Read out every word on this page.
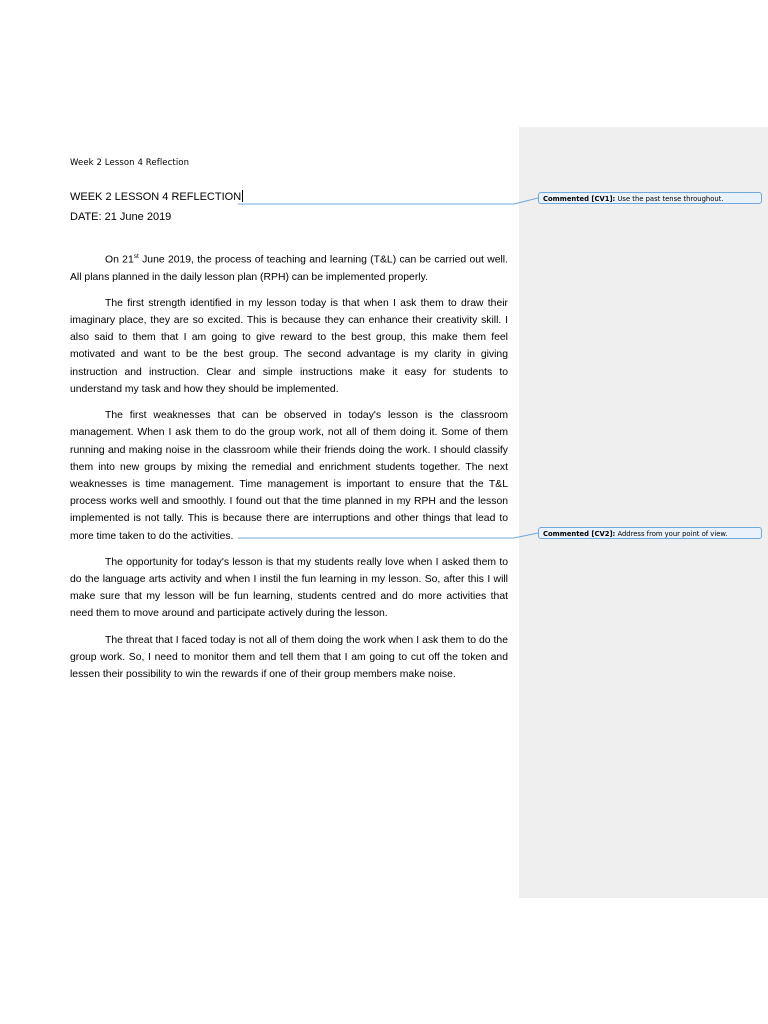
Week 2 Lesson 4 Reflection
WEEK 2 LESSON 4 REFLECTION
DATE: 21 June 2019

On 21st June 2019, the process of teaching and learning (T&L) can be carried out well. All plans planned in the daily lesson plan (RPH) can be implemented properly.

The first strength identified in my lesson today is that when I ask them to draw their imaginary place, they are so excited. This is because they can enhance their creativity skill. I also said to them that I am going to give reward to the best group, this make them feel motivated and want to be the best group. The second advantage is my clarity in giving instruction and instruction. Clear and simple instructions make it easy for students to understand my task and how they should be implemented.

The first weaknesses that can be observed in today's lesson is the classroom management. When I ask them to do the group work, not all of them doing it. Some of them running and making noise in the classroom while their friends doing the work. I should classify them into new groups by mixing the remedial and enrichment students together. The next weaknesses is time management. Time management is important to ensure that the T&L process works well and smoothly. I found out that the time planned in my RPH and the lesson implemented is not tally. This is because there are interruptions and other things that lead to more time taken to do the activities.

The opportunity for today's lesson is that my students really love when I asked them to do the language arts activity and when I instil the fun learning in my lesson. So, after this I will make sure that my lesson will be fun learning, students centred and do more activities that need them to move around and participate actively during the lesson.

The threat that I faced today is not all of them doing the work when I ask them to do the group work. So, I need to monitor them and tell them that I am going to cut off the token and lessen their possibility to win the rewards if one of their group members make noise.

Commented [CV1]: Use the past tense throughout.
Commented [CV2]: Address from your point of view.
